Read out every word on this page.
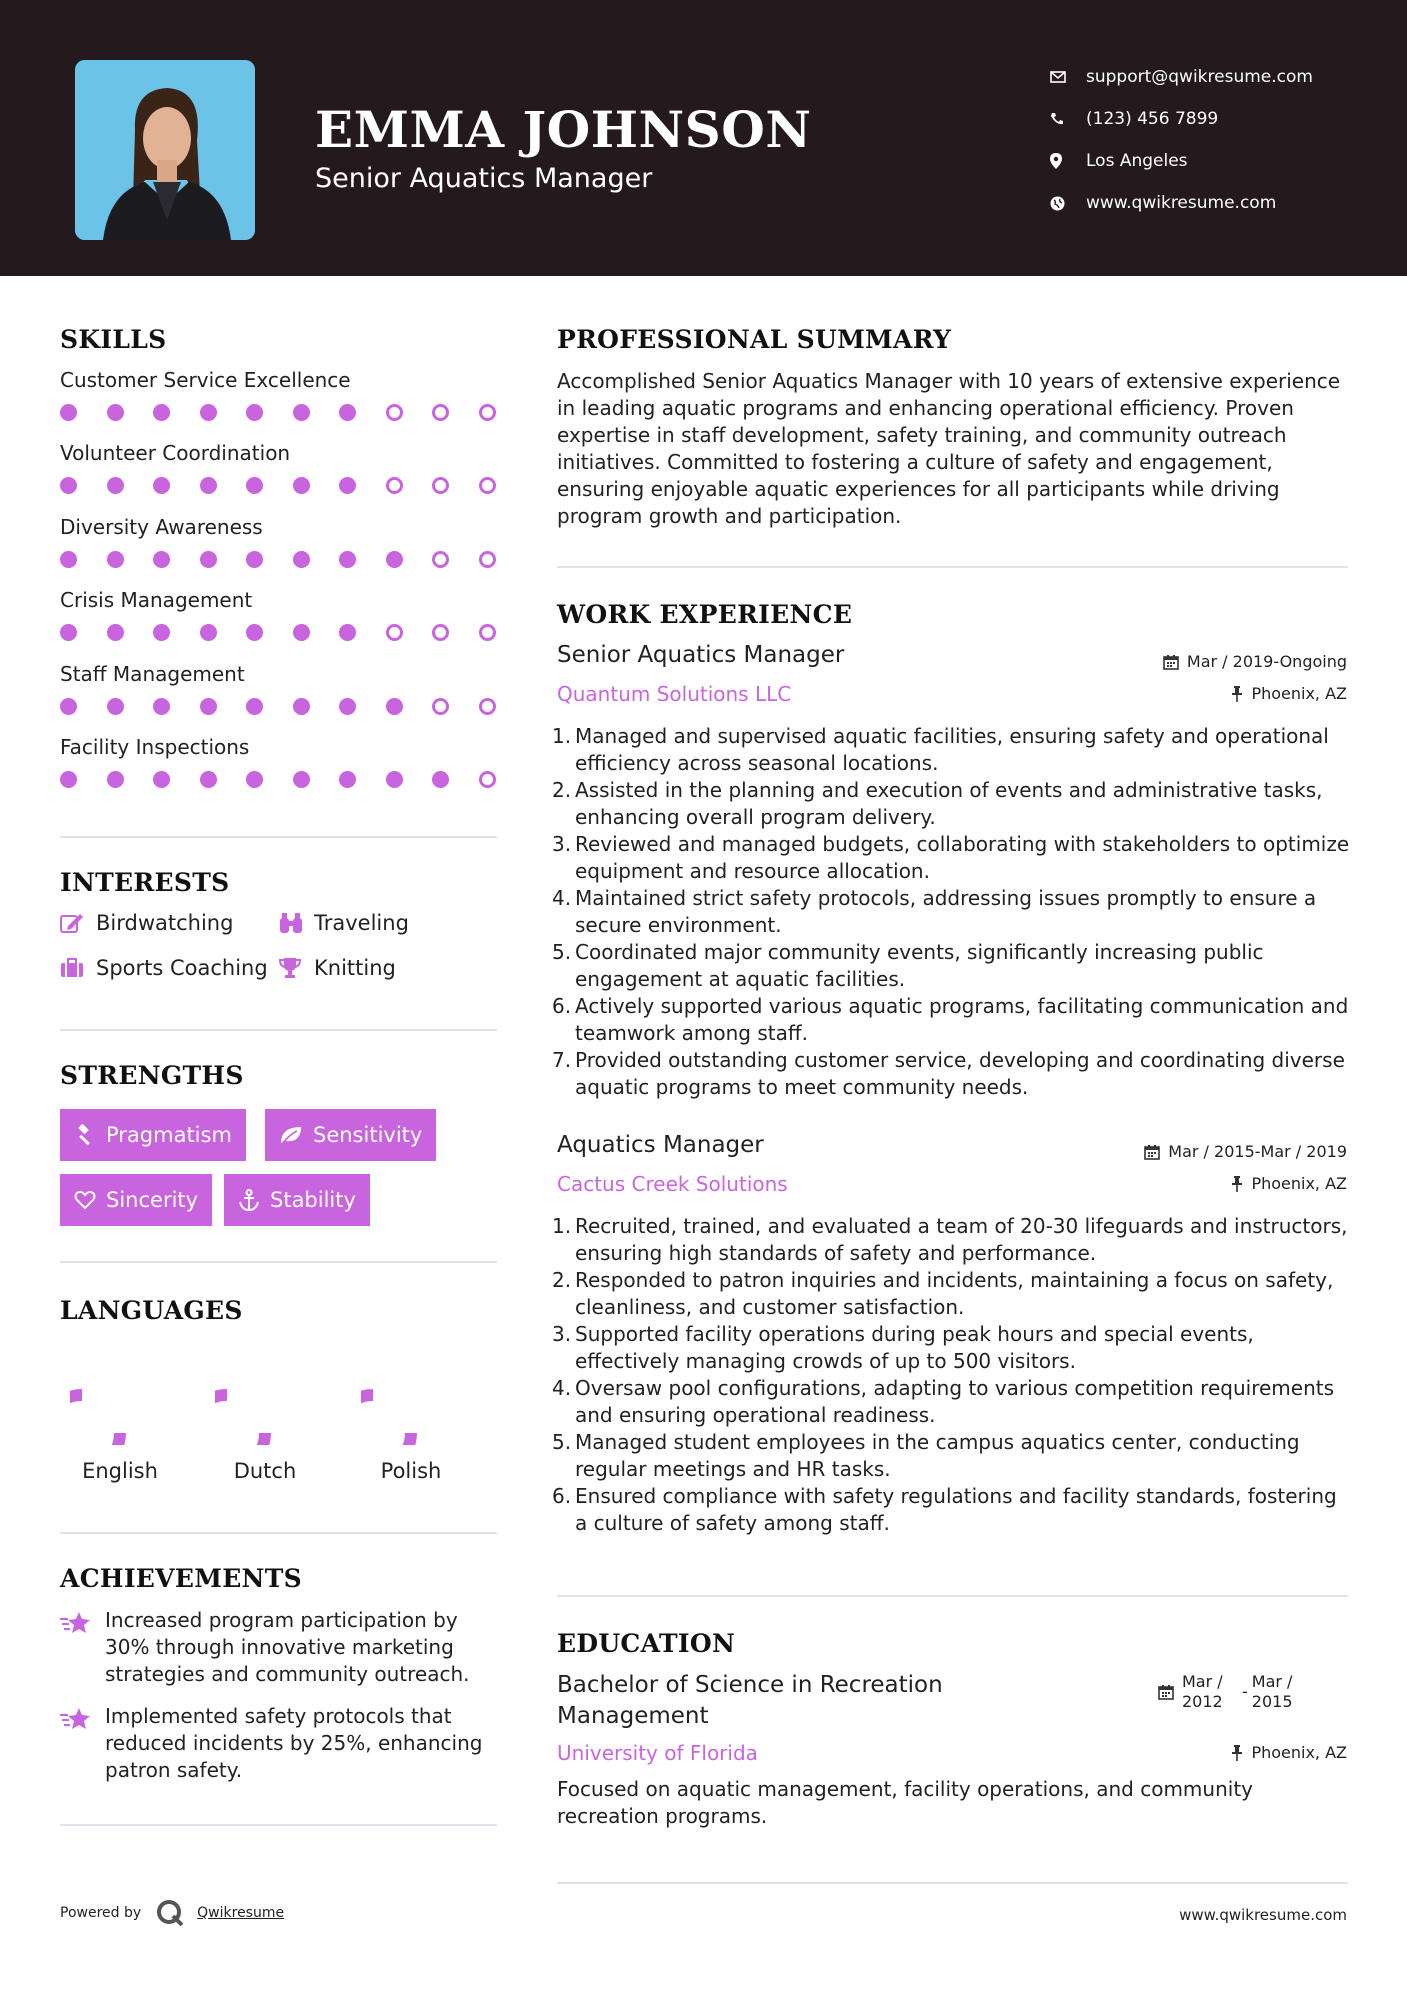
EMMA JOHNSON
Senior Aquatics Manager
support@qwikresume.com
(123) 456 7899
Los Angeles
www.qwikresume.com
SKILLS
Customer Service Excellence
Volunteer Coordination
Diversity Awareness
Crisis Management
Staff Management
Facility Inspections
INTERESTS
Birdwatching	Traveling
Sports Coaching Knitting
STRENGTHS
Pragmatism	Sensitivity
Sincerity	Stability
LANGUAGES
English	Dutch	Polish
ACHIEVEMENTS
Increased program participation by 30% through innovative marketing strategies and community outreach.
Implemented safety protocols that reduced incidents by 25%, enhancing patron safety.
PROFESSIONAL SUMMARY
Accomplished Senior Aquatics Manager with 10 years of extensive experience in leading aquatic programs and enhancing operational efficiency. Proven expertise in staff development, safety training, and community outreach initiatives. Committed to fostering a culture of safety and engagement, ensuring enjoyable aquatic experiences for all participants while driving program growth and participation.
WORK EXPERIENCE
Senior Aquatics Manager	Mar / 2019-Ongoing
Quantum Solutions LLC	Phoenix, AZ
1. Managed and supervised aquatic facilities, ensuring safety and operational efficiency across seasonal locations.
2. Assisted in the planning and execution of events and administrative tasks, enhancing overall program delivery.
3. Reviewed and managed budgets, collaborating with stakeholders to optimize equipment and resource allocation.
4. Maintained strict safety protocols, addressing issues promptly to ensure a secure environment.
5. Coordinated major community events, significantly increasing public engagement at aquatic facilities.
6. Actively supported various aquatic programs, facilitating communication and teamwork among staff.
7. Provided outstanding customer service, developing and coordinating diverse aquatic programs to meet community needs.
Aquatics Manager	Mar / 2015-Mar / 2019
Cactus Creek Solutions	Phoenix, AZ
1. Recruited, trained, and evaluated a team of 20-30 lifeguards and instructors, ensuring high standards of safety and performance.
2. Responded to patron inquiries and incidents, maintaining a focus on safety, cleanliness, and customer satisfaction.
3. Supported facility operations during peak hours and special events, effectively managing crowds of up to 500 visitors.
4. Oversaw pool configurations, adapting to various competition requirements and ensuring operational readiness.
5. Managed student employees in the campus aquatics center, conducting regular meetings and HR tasks.
6. Ensured compliance with safety regulations and facility standards, fostering a culture of safety among staff.
EDUCATION
Bachelor of Science in Recreation Management
Mar / 2012
-
Mar / 2015
University of Florida	Phoenix, AZ
Focused on aquatic management, facility operations, and community recreation programs.
Powered by	Qwikresume	www.qwikresume.com
